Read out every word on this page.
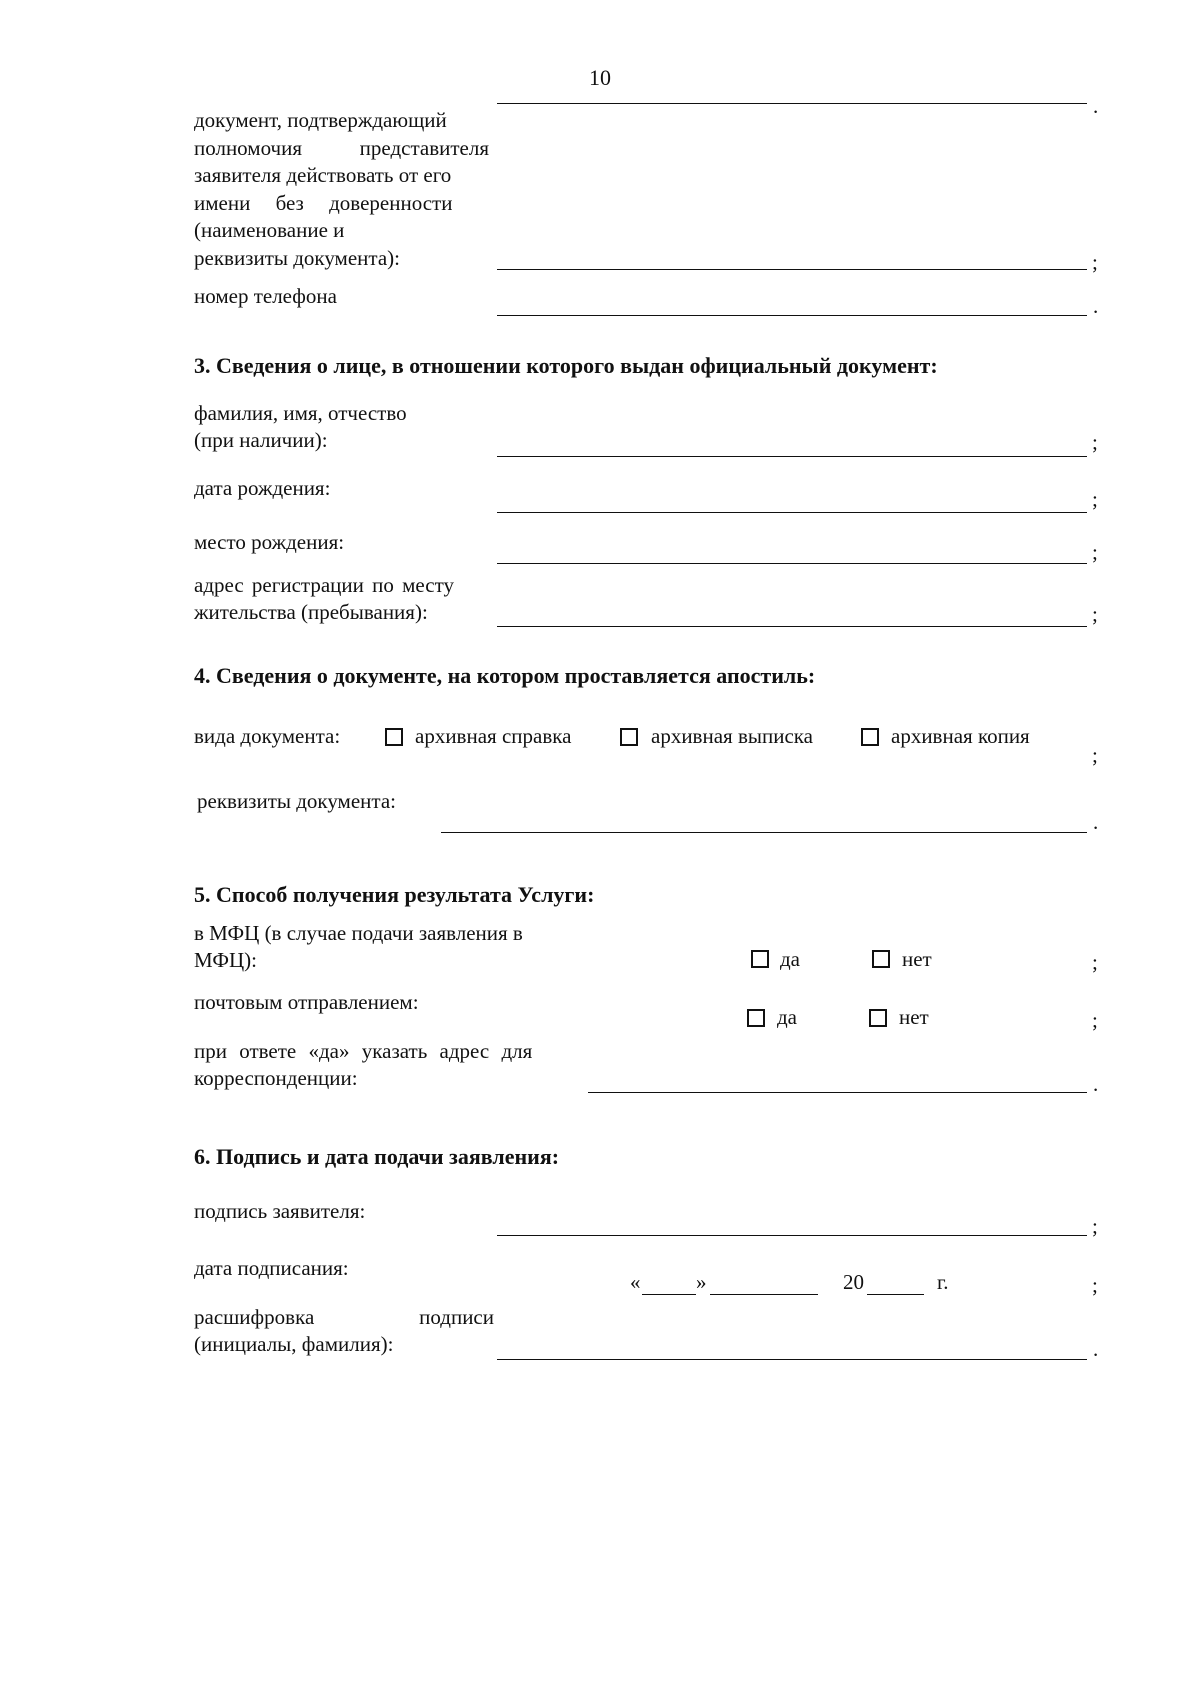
10
.
документ, подтверждающий
полномочия	представителя
заявителя действовать от его
имени без доверенности
(наименование и
реквизиты документа):	;
номер телефона	.
3. Сведения о лице, в отношении которого выдан официальный документ:
фамилия, имя, отчество
(при наличии):	;
дата рождения:	;
место рождения:	;
адрес регистрации по месту
жительства (пребывания):	;
4. Сведения о документе, на котором проставляется апостиль:
вида документа:	архивная справка	архивная выписка	архивная копия
;
реквизиты документа:
.
5. Способ получения результата Услуги:
в МФЦ (в случае подачи заявления в
МФЦ):	да	нет	;
почтовым отправлением:
да	нет	;
при ответе «да» указать адрес для
корреспонденции:	.
6. Подпись и дата подачи заявления:
подпись заявителя:
;
дата подписания:
«	»	20	г.	;
расшифровка	подписи
(инициалы, фамилия):	.
